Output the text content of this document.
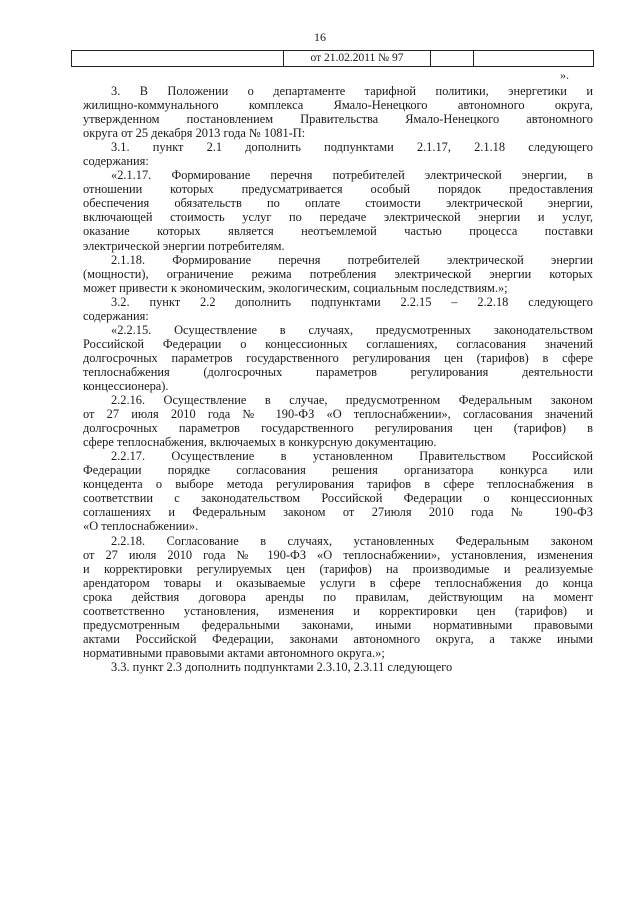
16
от 21.02.2011 № 97
».
3. В Положении о департаменте тарифной политики, энергетики и
жилищно-коммунального комплекса Ямало-Ненецкого автономного округа,
утвержденном постановлением Правительства Ямало-Ненецкого автономного
округа от 25 декабря 2013 года № 1081-П:
3.1. пункт 2.1 дополнить подпунктами 2.1.17, 2.1.18 следующего
содержания:
«2.1.17. Формирование перечня потребителей электрической энергии, в
отношении которых предусматривается особый порядок предоставления
обеспечения обязательств по оплате стоимости электрической энергии,
включающей стоимость услуг по передаче электрической энергии и услуг,
оказание которых является неотъемлемой частью процесса поставки
электрической энергии потребителям.
2.1.18. Формирование перечня потребителей электрической энергии
(мощности), ограничение режима потребления электрической энергии которых
может привести к экономическим, экологическим, социальным последствиям.»;
3.2. пункт 2.2 дополнить подпунктами 2.2.15 – 2.2.18 следующего
содержания:
«2.2.15. Осуществление в случаях, предусмотренных законодательством
Российской Федерации о концессионных соглашениях, согласования значений
долгосрочных параметров государственного регулирования цен (тарифов) в сфере
теплоснабжения (долгосрочных параметров регулирования деятельности
концессионера).
2.2.16. Осуществление в случае, предусмотренном Федеральным законом
от 27 июля 2010 года № 190-ФЗ «О теплоснабжении», согласования значений
долгосрочных параметров государственного регулирования цен (тарифов) в
сфере теплоснабжения, включаемых в конкурсную документацию.
2.2.17. Осуществление в установленном Правительством Российской
Федерации порядке согласования решения организатора конкурса или
концедента о выборе метода регулирования тарифов в сфере теплоснабжения в
соответствии с законодательством Российской Федерации о концессионных
соглашениях и Федеральным законом от 27июля 2010 года № 190-ФЗ
«О теплоснабжении».
2.2.18. Согласование в случаях, установленных Федеральным законом
от 27 июля 2010 года № 190-ФЗ «О теплоснабжении», установления, изменения
и корректировки регулируемых цен (тарифов) на производимые и реализуемые
арендатором товары и оказываемые услуги в сфере теплоснабжения до конца
срока действия договора аренды по правилам, действующим на момент
соответственно установления, изменения и корректировки цен (тарифов) и
предусмотренным федеральными законами, иными нормативными правовыми
актами Российской Федерации, законами автономного округа, а также иными
нормативными правовыми актами автономного округа.»;
3.3. пункт 2.3 дополнить подпунктами 2.3.10, 2.3.11 следующего
